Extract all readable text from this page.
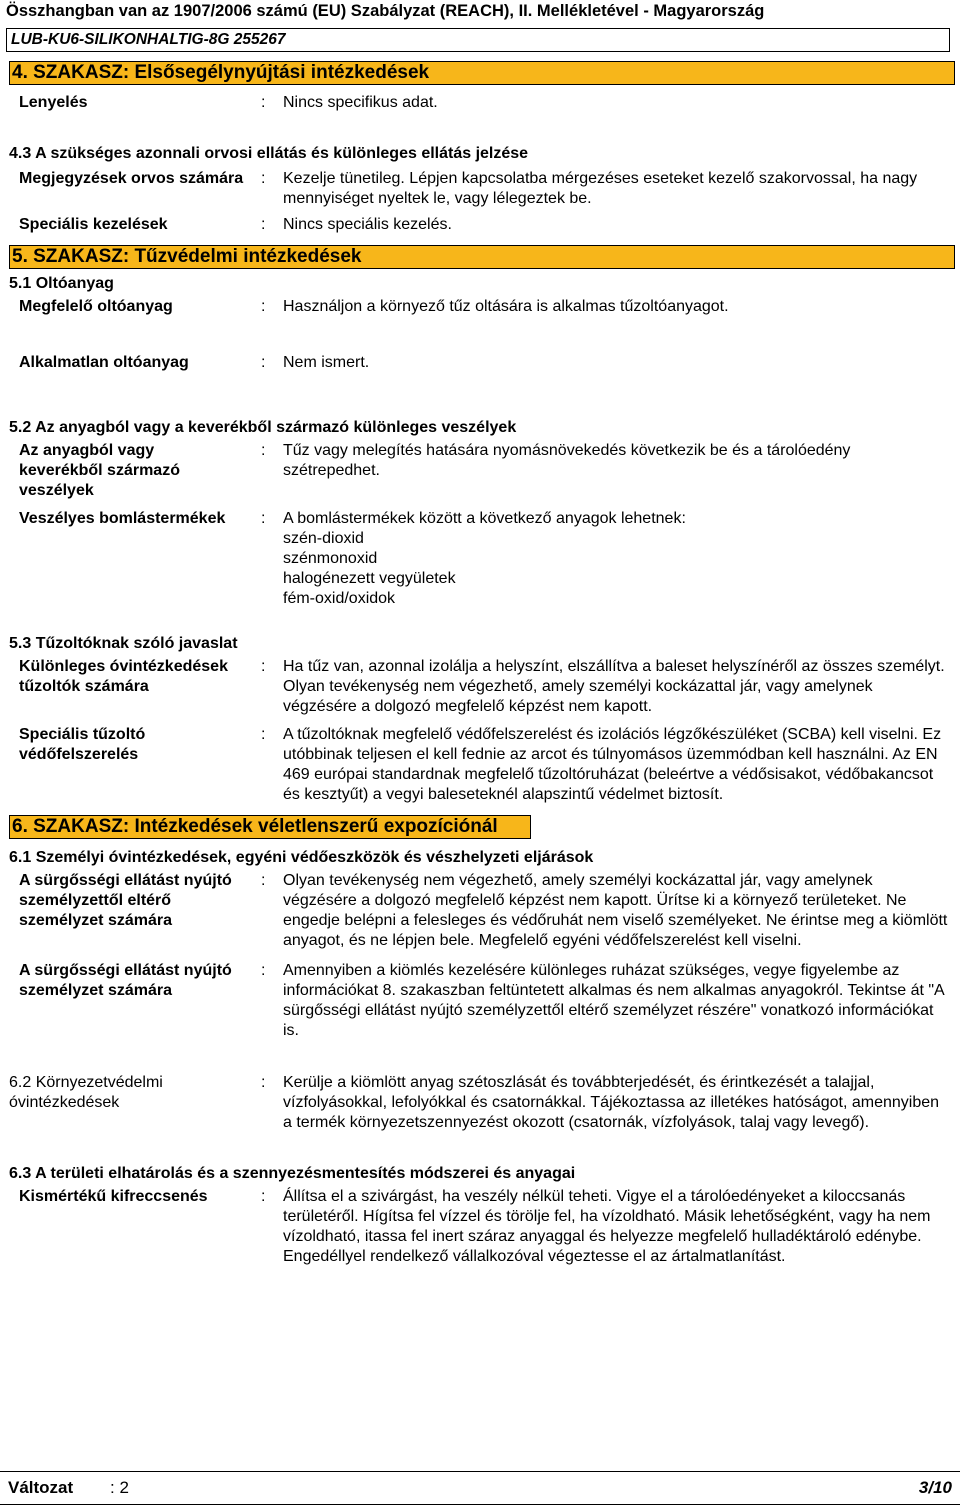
Összhangban van az 1907/2006 számú (EU) Szabályzat (REACH), II. Mellékletével - Magyarország
LUB-KU6-SILIKONHALTIG-8G 255267
4. SZAKASZ: Elsősegélynyújtási intézkedések
Lenyelés	:	Nincs specifikus adat.
4.3 A szükséges azonnali orvosi ellátás és különleges ellátás jelzése
Megjegyzések orvos számára	:	Kezelje tünetileg. Lépjen kapcsolatba mérgezéses eseteket kezelő szakorvossal, ha nagy mennyiséget nyeltek le, vagy lélegeztek be.
Speciális kezelések	:	Nincs speciális kezelés.
5. SZAKASZ: Tűzvédelmi intézkedések
5.1 Oltóanyag
Megfelelő oltóanyag	:	Használjon a környező tűz oltására is alkalmas tűzoltóanyagot.
Alkalmatlan oltóanyag	:	Nem ismert.
5.2 Az anyagból vagy a keverékből származó különleges veszélyek
Az anyagból vagy keverékből származó veszélyek
:	Tűz vagy melegítés hatására nyomásnövekedés következik be és a tárolóedény szétrepedhet.
Veszélyes bomlástermékek	:	A bomlástermékek között a következő anyagok lehetnek:
szén-dioxid
szénmonoxid
halogénezett vegyületek
fém-oxid/oxidok
5.3 Tűzoltóknak szóló javaslat
Különleges óvintézkedések tűzoltók számára
:	Ha tűz van, azonnal izolálja a helyszínt, elszállítva a baleset helyszínéről az összes személyt. Olyan tevékenység nem végezhető, amely személyi kockázattal jár, vagy amelynek végzésére a dolgozó megfelelő képzést nem kapott.
Speciális tűzoltó védőfelszerelés
:	A tűzoltóknak megfelelő védőfelszerelést és izolációs légzőkészüléket (SCBA) kell viselni. Ez utóbbinak teljesen el kell fednie az arcot és túlnyomásos üzemmódban kell használni. Az EN 469 európai standardnak megfelelő tűzoltóruházat (beleértve a védősisakot, védőbakancsot és kesztyűt) a vegyi baleseteknél alapszintű védelmet biztosít.
6. SZAKASZ: Intézkedések véletlenszerű expozíciónál
6.1 Személyi óvintézkedések, egyéni védőeszközök és vészhelyzeti eljárások
A sürgősségi ellátást nyújtó személyzettől eltérő személyzet számára
:	Olyan tevékenység nem végezhető, amely személyi kockázattal jár, vagy amelynek végzésére a dolgozó megfelelő képzést nem kapott. Ürítse ki a környező területeket. Ne engedje belépni a felesleges és védőruhát nem viselő személyeket. Ne érintse meg a kiömlött anyagot, és ne lépjen bele. Megfelelő egyéni védőfelszerelést kell viselni.
A sürgősségi ellátást nyújtó személyzet számára
:	Amennyiben a kiömlés kezelésére különleges ruházat szükséges, vegye figyelembe az információkat 8. szakaszban feltüntetett alkalmas és nem alkalmas anyagokról. Tekintse át "A sürgősségi ellátást nyújtó személyzettől eltérő személyzet részére" vonatkozó információkat is.
6.2 Környezetvédelmi óvintézkedések
:	Kerülje a kiömlött anyag szétoszlását és továbbterjedését, és érintkezését a talajjal, vízfolyásokkal, lefolyókkal és csatornákkal. Tájékoztassa az illetékes hatóságot, amennyiben a termék környezetszennyezést okozott (csatornák, vízfolyások, talaj vagy levegő).
6.3 A területi elhatárolás és a szennyezésmentesítés módszerei és anyagai
Kismértékű kifreccsenés	:	Állítsa el a szivárgást, ha veszély nélkül teheti. Vigye el a tárolóedényeket a kiloccsanás területéről. Hígítsa fel vízzel és törölje fel, ha vízoldható. Másik lehetőségként, vagy ha nem vízoldható, itassa fel inert száraz anyaggal és helyezze megfelelő hulladéktároló edénybe. Engedéllyel rendelkező vállalkozóval végeztesse el az ártalmatlanítást.
Változat : 2	3/10
